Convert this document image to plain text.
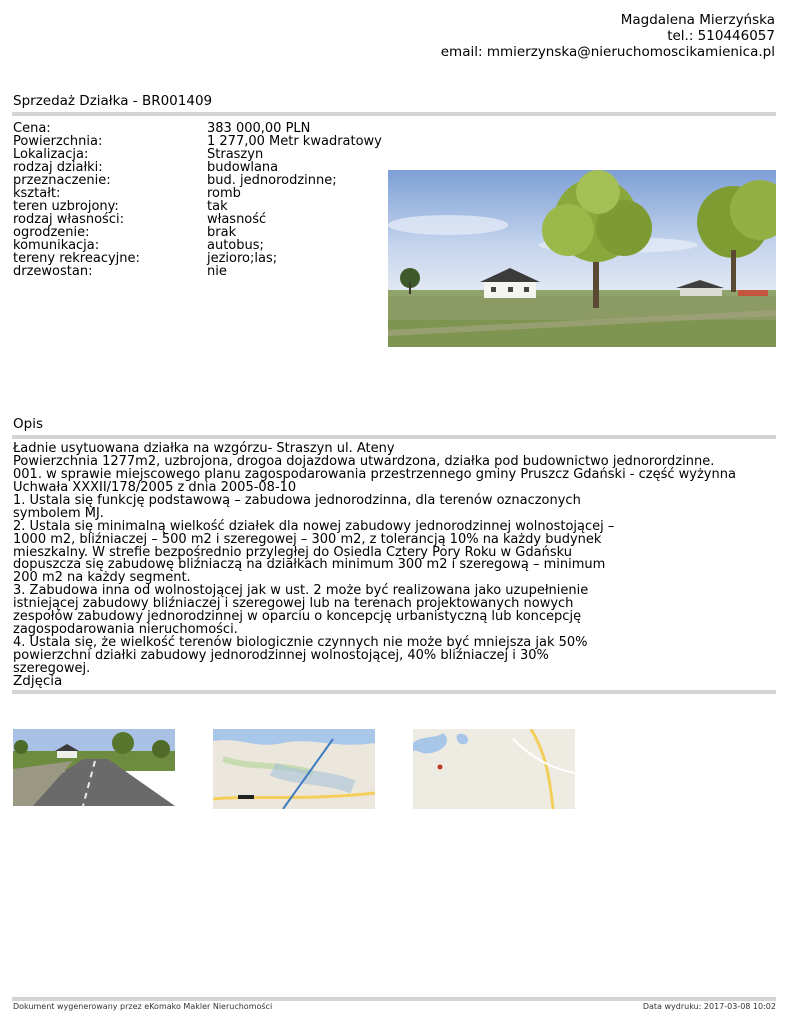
Magdalena Mierzyńska
tel.: 510446057
email: mmierzynska@nieruchomoscikamienica.pl
Sprzedaż Działka - BR001409
Cena:
Powierzchnia:
Lokalizacja:
rodzaj działki:
przeznaczenie:
kształt:
teren uzbrojony:
rodzaj własności:
ogrodzenie:
komunikacja:
tereny rekreacyjne:
drzewostan:
383 000,00 PLN
1 277,00 Metr kwadratowy
Straszyn
budowlana
bud. jednorodzinne;
romb
tak
własność
brak
autobus;
jezioro;las;
nie
Opis
Ładnie usytuowana działka na wzgórzu- Straszyn ul. Ateny
Powierzchnia 1277m2, uzbrojona, drogoa dojazdowa utwardzona, działka pod budownictwo jednorordzinne.
001. w sprawie miejscowego planu zagospodarowania przestrzennego gminy Pruszcz Gdański - część wyżynna
Uchwała XXXII/178/2005 z dnia 2005-08-10
1. Ustala się funkcję podstawową – zabudowa jednorodzinna, dla terenów oznaczonych
symbolem MJ.
2. Ustala się minimalną wielkość działek dla nowej zabudowy jednorodzinnej wolnostojącej –
1000 m2, bliźniaczej – 500 m2 i szeregowej – 300 m2, z tolerancją 10% na każdy budynek
mieszkalny. W strefie bezpośrednio przyległej do Osiedla Cztery Pory Roku w Gdańsku
dopuszcza się zabudowę bliźniaczą na działkach minimum 300 m2 i szeregową – minimum
200 m2 na każdy segment.
3. Zabudowa inna od wolnostojącej jak w ust. 2 może być realizowana jako uzupełnienie
istniejącej zabudowy bliźniaczej i szeregowej lub na terenach projektowanych nowych
zespołów zabudowy jednorodzinnej w oparciu o koncepcję urbanistyczną lub koncepcję
zagospodarowania nieruchomości.
4. Ustala się, że wielkość terenów biologicznie czynnych nie może być mniejsza jak 50%
powierzchni działki zabudowy jednorodzinnej wolnostojącej, 40% bliźniaczej i 30%
szeregowej.
Zdjęcia
Dokument wygenerowany przez eKomako Makler Nieruchomości	Data wydruku: 2017-03-08 10:02
